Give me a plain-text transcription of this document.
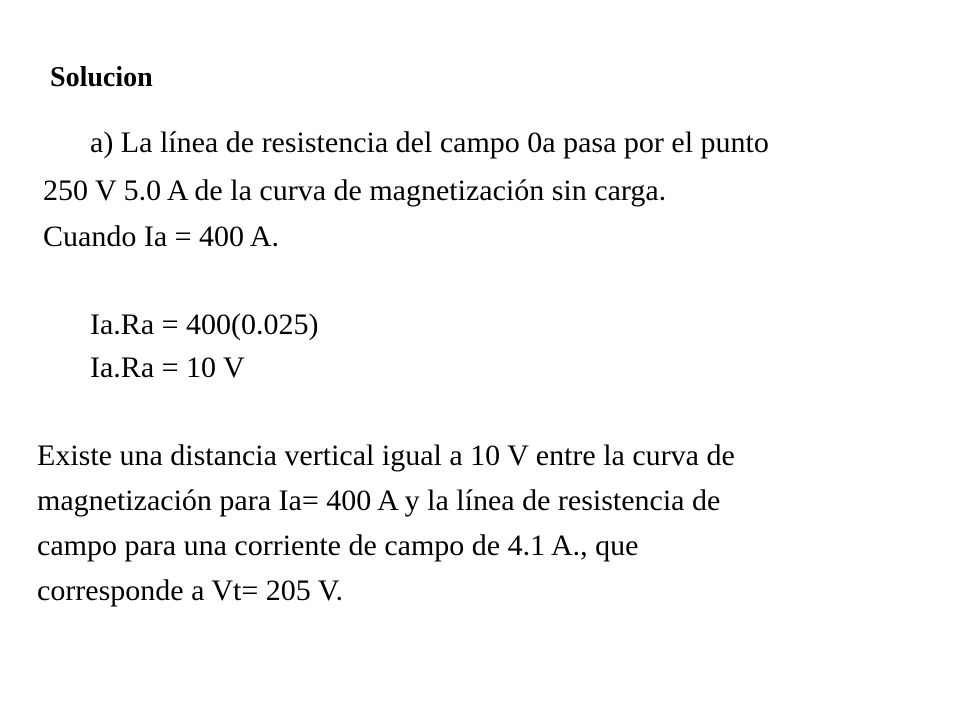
Solucion
a) La línea de resistencia del campo 0a pasa por el punto
250 V 5.0 A de la curva de magnetización sin carga.
Cuando Ia = 400 A.
Ia.Ra = 400(0.025)
Ia.Ra = 10 V
Existe una distancia vertical igual a 10 V entre la curva de
magnetización para Ia= 400 A y la línea de resistencia de
campo para una corriente de campo de 4.1 A., que
corresponde a Vt= 205 V.
